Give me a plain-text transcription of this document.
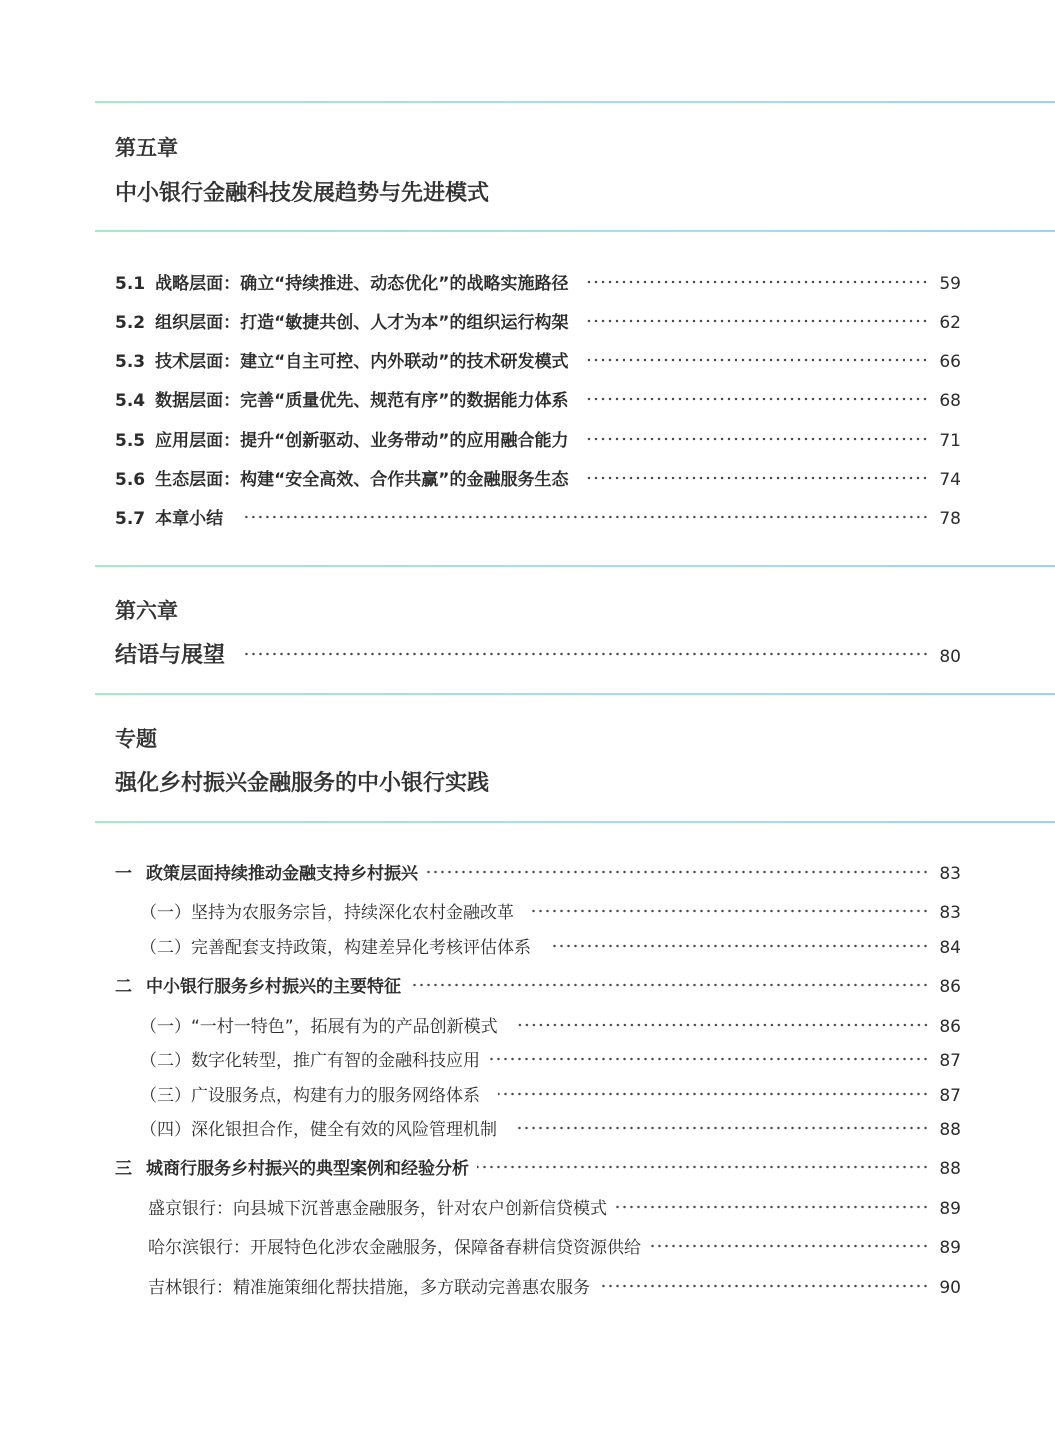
第五章
中小银行金融科技发展趋势与先进模式
5.1 战略层面：确立“持续推进、动态优化”的战略实施路径	59
5.2 组织层面：打造“敏捷共创、人才为本”的组织运行构架	62
5.3 技术层面：建立“自主可控、内外联动”的技术研发模式	66
5.4 数据层面：完善“质量优先、规范有序”的数据能力体系	68
5.5 应用层面：提升“创新驱动、业务带动”的应用融合能力	71
5.6 生态层面：构建“安全高效、合作共赢”的金融服务生态	74
5.7 本章小结	78
第六章
结语与展望	80
专题
强化乡村振兴金融服务的中小银行实践
一 政策层面持续推动金融支持乡村振兴	83
（一）坚持为农服务宗旨，持续深化农村金融改革	83
（二）完善配套支持政策，构建差异化考核评估体系	84
二 中小银行服务乡村振兴的主要特征	86
（一）“一村一特色”，拓展有为的产品创新模式	86
（二）数字化转型，推广有智的金融科技应用	87
（三）广设服务点，构建有力的服务网络体系	87
（四）深化银担合作，健全有效的风险管理机制	88
三 城商行服务乡村振兴的典型案例和经验分析	88
盛京银行：向县城下沉普惠金融服务，针对农户创新信贷模式	89
哈尔滨银行：开展特色化涉农金融服务，保障备春耕信贷资源供给	89
吉林银行：精准施策细化帮扶措施，多方联动完善惠农服务	90
